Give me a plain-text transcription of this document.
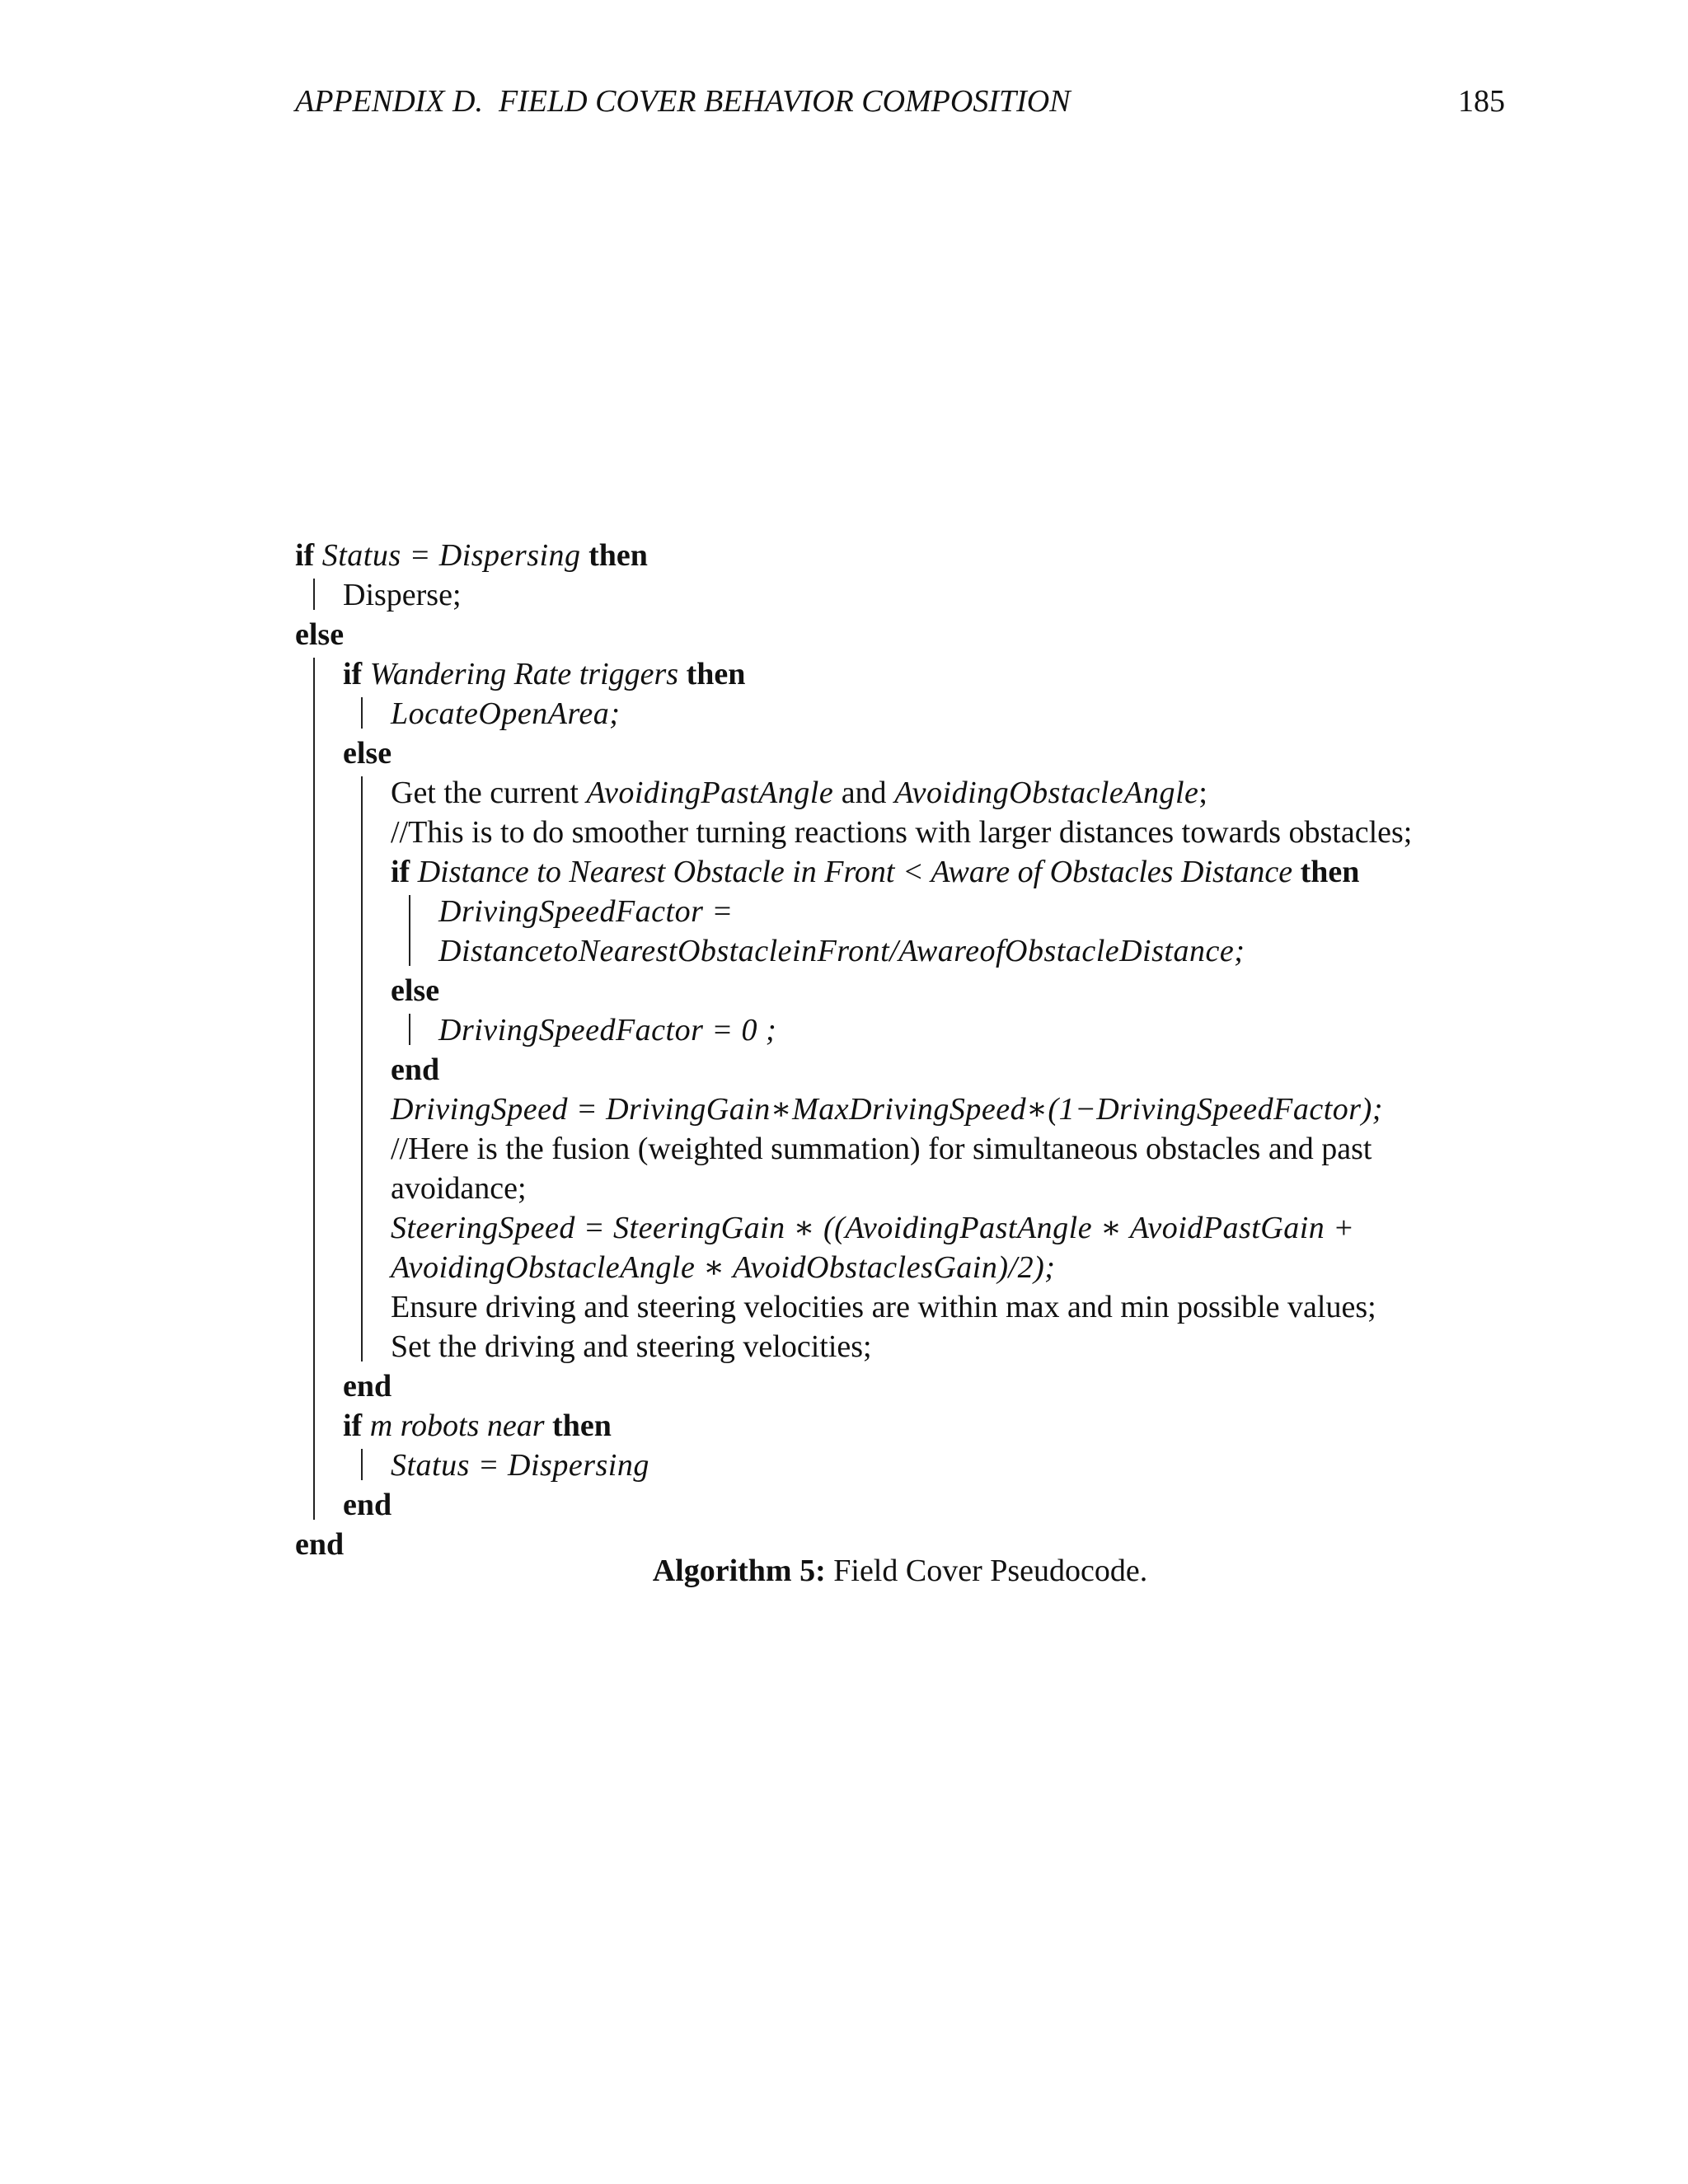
APPENDIX D.  FIELD COVER BEHAVIOR COMPOSITION	185
if Status = Dispersing then
Disperse;
else
if Wandering Rate triggers then
LocateOpenArea;
else
Get the current AvoidingPastAngle and AvoidingObstacleAngle;
//This is to do smoother turning reactions with larger distances towards obstacles;
if Distance to Nearest Obstacle in Front < Aware of Obstacles Distance then
DrivingSpeedFactor =
DistancetoNearestObstacleinFront/AwareofObstacleDistance;
else
DrivingSpeedFactor = 0 ;
end
DrivingSpeed = DrivingGain∗MaxDrivingSpeed∗(1−DrivingSpeedFactor);
//Here is the fusion (weighted summation) for simultaneous obstacles and past
avoidance;
SteeringSpeed = SteeringGain ∗ ((AvoidingPastAngle ∗ AvoidPastGain +
AvoidingObstacleAngle ∗ AvoidObstaclesGain)/2);
Ensure driving and steering velocities are within max and min possible values;
Set the driving and steering velocities;
end
if m robots near then
Status = Dispersing
end
end
Algorithm 5: Field Cover Pseudocode.
